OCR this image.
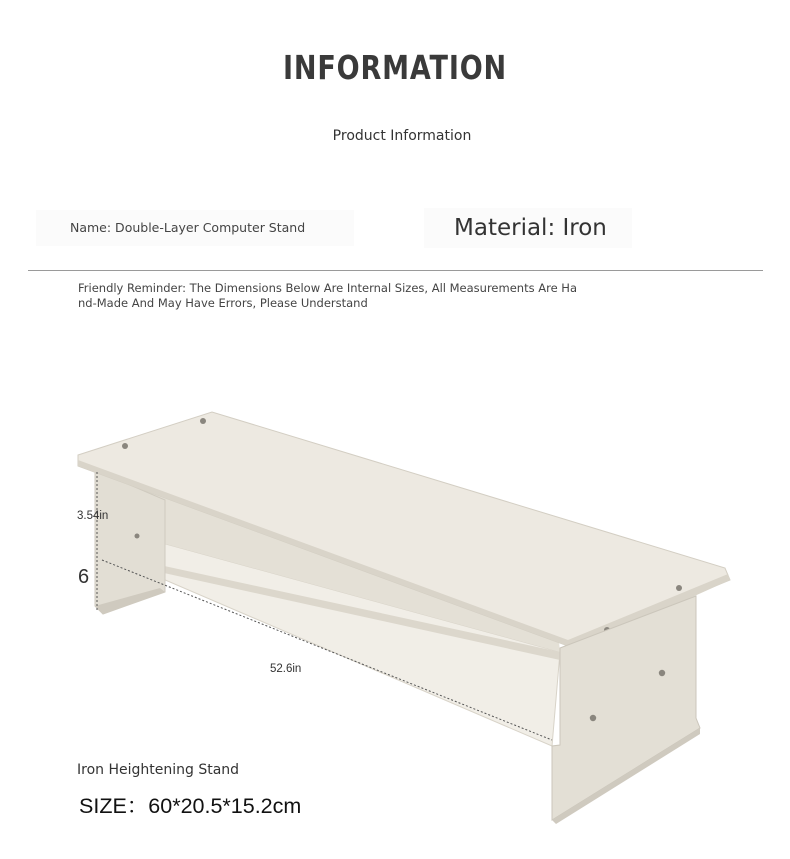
INFORMATION
Product Information
Name: Double-Layer Computer Stand	Material: Iron
Friendly Reminder: The Dimensions Below Are Internal Sizes, All Measurements Are Hand-Made And May Have Errors, Please Understand
3.54in
6
52.6in
Iron Heightening Stand
SIZE：60*20.5*15.2cm
